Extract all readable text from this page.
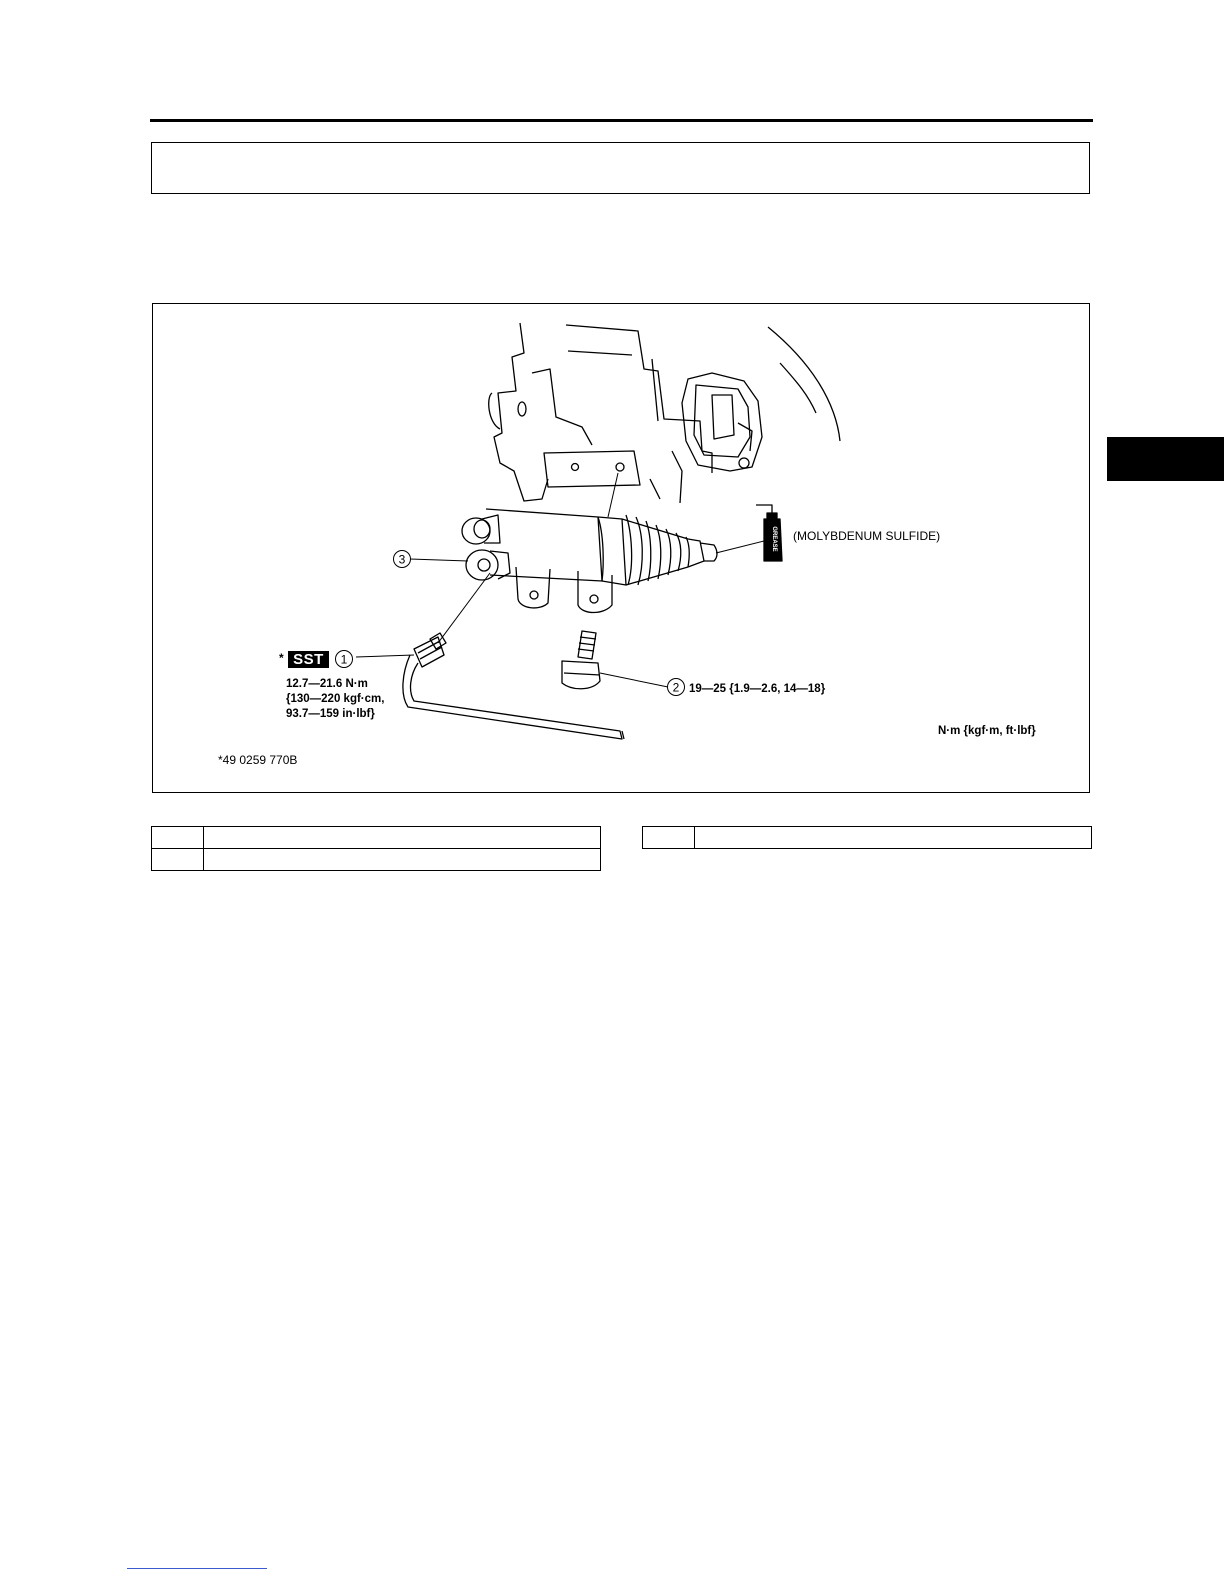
GREASE
3
1
2
(MOLYBDENUM SULFIDE)
* SST
12.7—21.6 N·m
{130—220 kgf·cm,
93.7—159 in·lbf}
19—25 {1.9—2.6, 14—18}
N·m {kgf·m, ft·lbf}
*49 0259 770B
